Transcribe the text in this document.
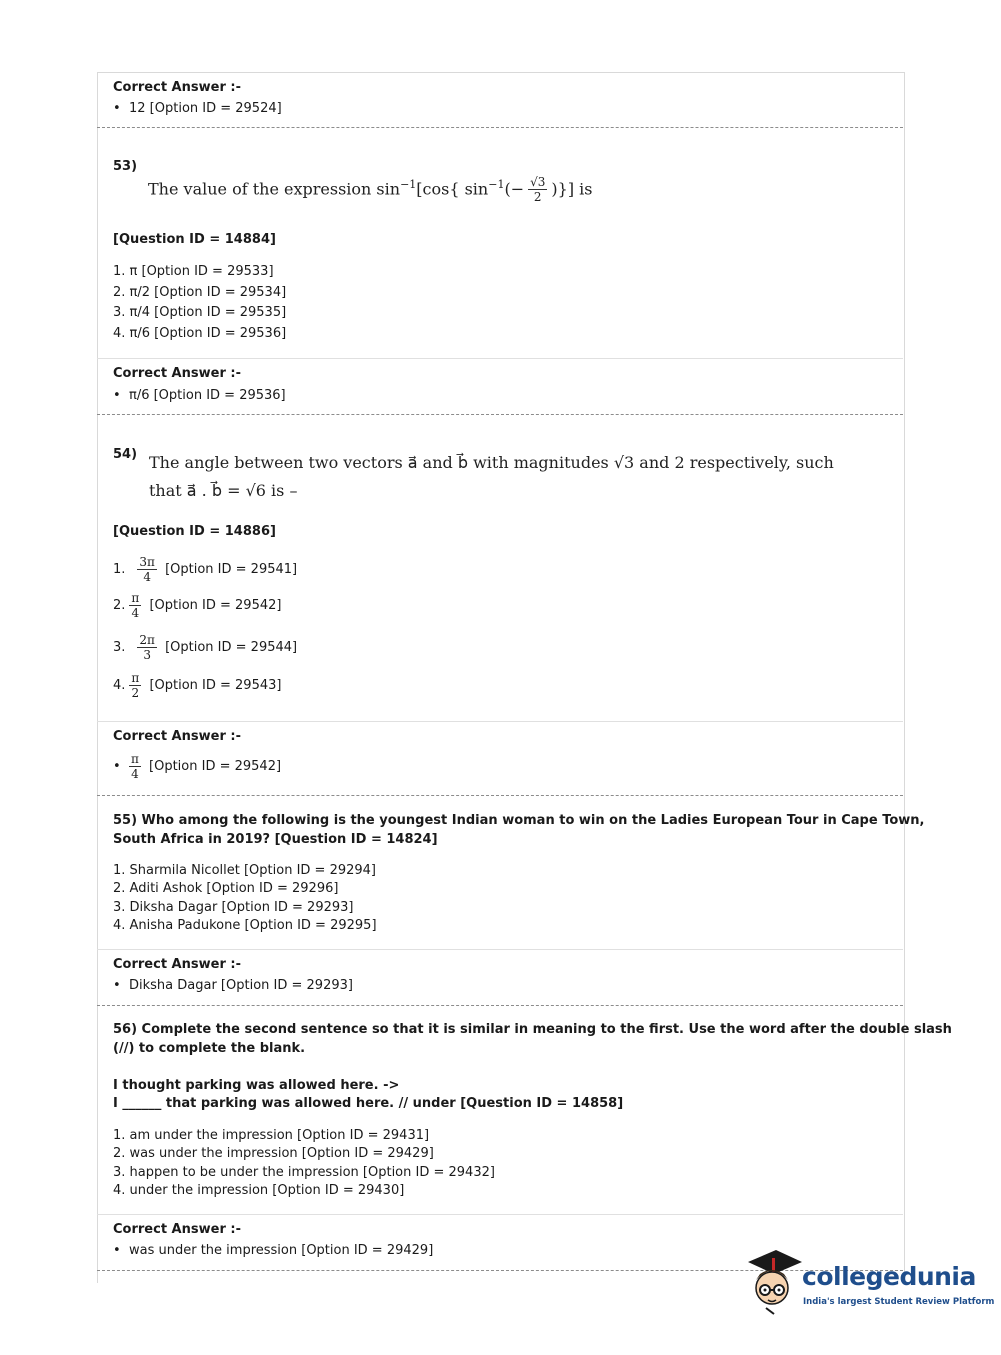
Correct Answer :-
• 12 [Option ID = 29524]
53)
The value of the expression $\sin^{-1}[\cos${ $\sin^{-1}(- \frac{√3}{2}$ )}] is
[Question ID = 14884]
1. π [Option ID = 29533]
2. π/2 [Option ID = 29534]
3. π/4 [Option ID = 29535]
4. π/6 [Option ID = 29536]
Correct Answer :-
• π/6 [Option ID = 29536]
54) The angle between two vectors a⃗ and b⃗ with magnitudes √3 and 2 respectively, such
that a⃗ . b⃗ = √6 is –
[Question ID = 14886]
1. $\frac{3\pi}{4}$ [Option ID = 29541]
2. $\frac{\pi}{4}$ [Option ID = 29542]
3. $\frac{2\pi}{3}$ [Option ID = 29544]
4. $\frac{\pi}{2}$ [Option ID = 29543]
Correct Answer :-
• $\frac{\pi}{4}$ [Option ID = 29542]
55) Who among the following is the youngest Indian woman to win on the Ladies European Tour in Cape Town,
South Africa in 2019? [Question ID = 14824]
1. Sharmila Nicollet [Option ID = 29294]
2. Aditi Ashok [Option ID = 29296]
3. Diksha Dagar [Option ID = 29293]
4. Anisha Padukone [Option ID = 29295]
Correct Answer :-
• Diksha Dagar [Option ID = 29293]
56) Complete the second sentence so that it is similar in meaning to the first. Use the word after the double slash
(//) to complete the blank.
I thought parking was allowed here. ->
I ______ that parking was allowed here. // under [Question ID = 14858]
1. am under the impression [Option ID = 29431]
2. was under the impression [Option ID = 29429]
3. happen to be under the impression [Option ID = 29432]
4. under the impression [Option ID = 29430]
Correct Answer :-
• was under the impression [Option ID = 29429]
collegedunia
India's largest Student Review Platform
